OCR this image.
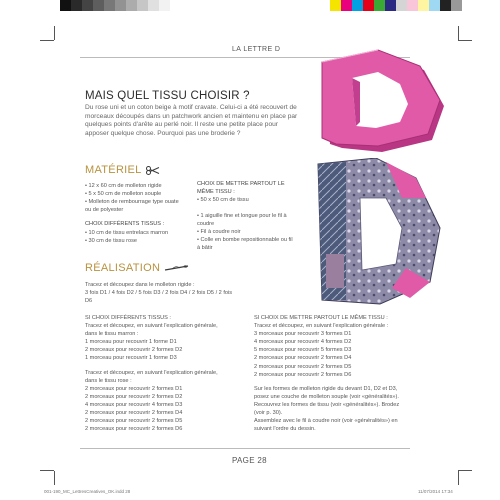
LA LETTRE D
MAIS QUEL TISSU CHOISIR ?
Du rose uni et un coton beige à motif cravate. Celui-ci a été recouvert de morceaux découpés dans un patchwork ancien et maintenu en place par quelques points d'arête au perlé noir. Il reste une petite place pour apposer quelque chose. Pourquoi pas une broderie ?
MATÉRIEL
• 12 x 60 cm de molleton rigide
• 5 x 50 cm de molleton souple
• Molleton de rembourrage type ouate ou de polyester
CHOIX DIFFÉRENTS TISSUS :
• 10 cm de tissu entrelacs marron
• 30 cm de tissu rose
CHOIX DE METTRE PARTOUT LE MÊME TISSU :
• 50 x 50 cm de tissu
• 1 aiguille fine et longue pour le fil à coudre
• Fil à coudre noir
• Colle en bombe repositionnable ou fil à bâtir
RÉALISATION
Tracez et découpez dans le molleton rigide :
3 fois D1 / 4 fois D2 / 5 fois D3 / 2 fois D4 / 2 fois D5 / 2 fois
D6
SI CHOIX DIFFÉRENTS TISSUS :
Tracez et découpez, en suivant l'explication générale,
dans le tissu marron :
1 morceau pour recouvrir 1 forme D1
2 morceaux pour recouvrir 2 formes D2
1 morceau pour recouvrir 1 forme D3
Tracez et découpez, en suivant l'explication générale,
dans le tissu rose :
2 morceaux pour recouvrir 2 formes D1
2 morceaux pour recouvrir 2 formes D2
4 morceaux pour recouvrir 4 formes D3
2 morceaux pour recouvrir 2 formes D4
2 morceaux pour recouvrir 2 formes D5
2 morceaux pour recouvrir 2 formes D6
SI CHOIX DE METTRE PARTOUT LE MÊME TISSU :
Tracez et découpez, en suivant l'explication générale :
3 morceaux pour recouvrir 3 formes D1
4 morceaux pour recouvrir 4 formes D2
5 morceaux pour recouvrir 5 formes D3
2 morceaux pour recouvrir 2 formes D4
2 morceaux pour recouvrir 2 formes D5
2 morceaux pour recouvrir 2 formes D6
Sur les formes de molleton rigide du devant D1, D2 et D3,
posez une couche de molleton souple (voir «généralités»).
Recouvrez les formes de tissu (voir «généralités»). Brodez
(voir p. 30).
Assemblez avec le fil à coudre noir (voir «généralités») en
suivant l'ordre du dessin.
PAGE 28
001-190_MC_LettresCreatives_OK.indd 28	11/07/2014 17:34
